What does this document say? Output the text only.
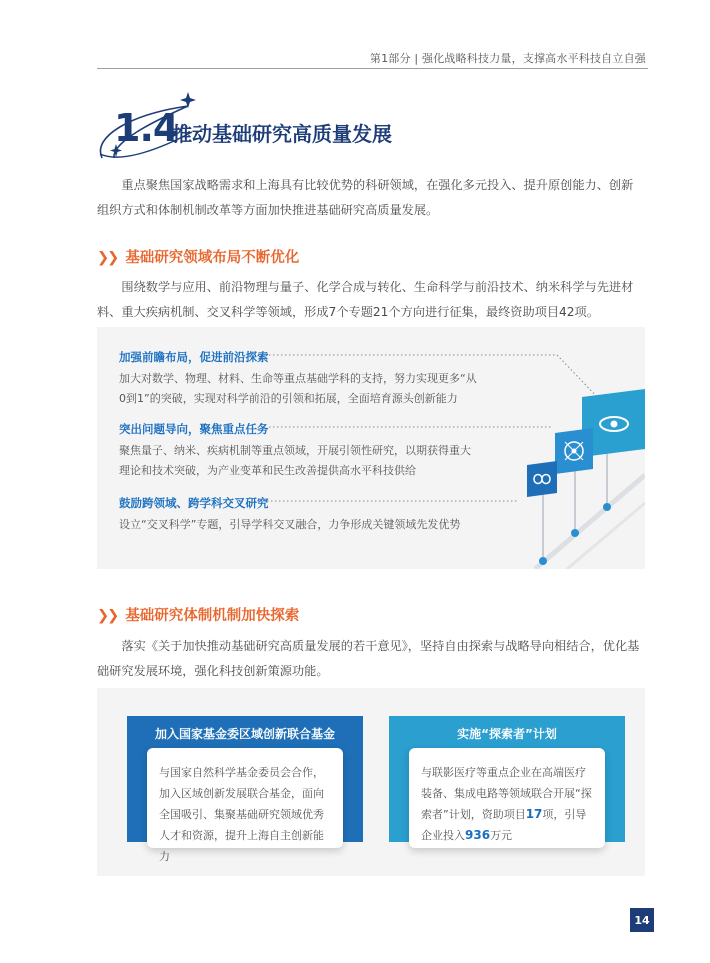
第1部分 | 强化战略科技力量，支撑高水平科技自立自强
1.4
推动基础研究高质量发展

重点聚焦国家战略需求和上海具有比较优势的科研领域，在强化多元投入、提升原创能力、创新组织方式和体制机制改革等方面加快推进基础研究高质量发展。

❯❯ 基础研究领域布局不断优化

围绕数学与应用、前沿物理与量子、化学合成与转化、生命科学与前沿技术、纳米科学与先进材料、重大疾病机制、交叉科学等领域，形成7个专题21个方向进行征集，最终资助项目42项。

加强前瞻布局，促进前沿探索
加大对数学、物理、材料、生命等重点基础学科的支持，努力实现更多“从0到1”的突破，实现对科学前沿的引领和拓展，全面培育源头创新能力
突出问题导向，聚焦重点任务
聚焦量子、纳米、疾病机制等重点领域，开展引领性研究，以期获得重大理论和技术突破，为产业变革和民生改善提供高水平科技供给
鼓励跨领域、跨学科交叉研究
设立“交叉科学”专题，引导学科交叉融合，力争形成关键领域先发优势
❯❯ 基础研究体制机制加快探索

落实《关于加快推动基础研究高质量发展的若干意见》，坚持自由探索与战略导向相结合，优化基础研究发展环境，强化科技创新策源功能。

加入国家基金委区域创新联合基金
与国家自然科学基金委员会合作，加入区域创新发展联合基金，面向全国吸引、集聚基础研究领域优秀人才和资源，提升上海自主创新能力
实施“探索者”计划
与联影医疗等重点企业在高端医疗装备、集成电路等领域联合开展“探索者”计划，资助项目17项，引导企业投入936万元
14
